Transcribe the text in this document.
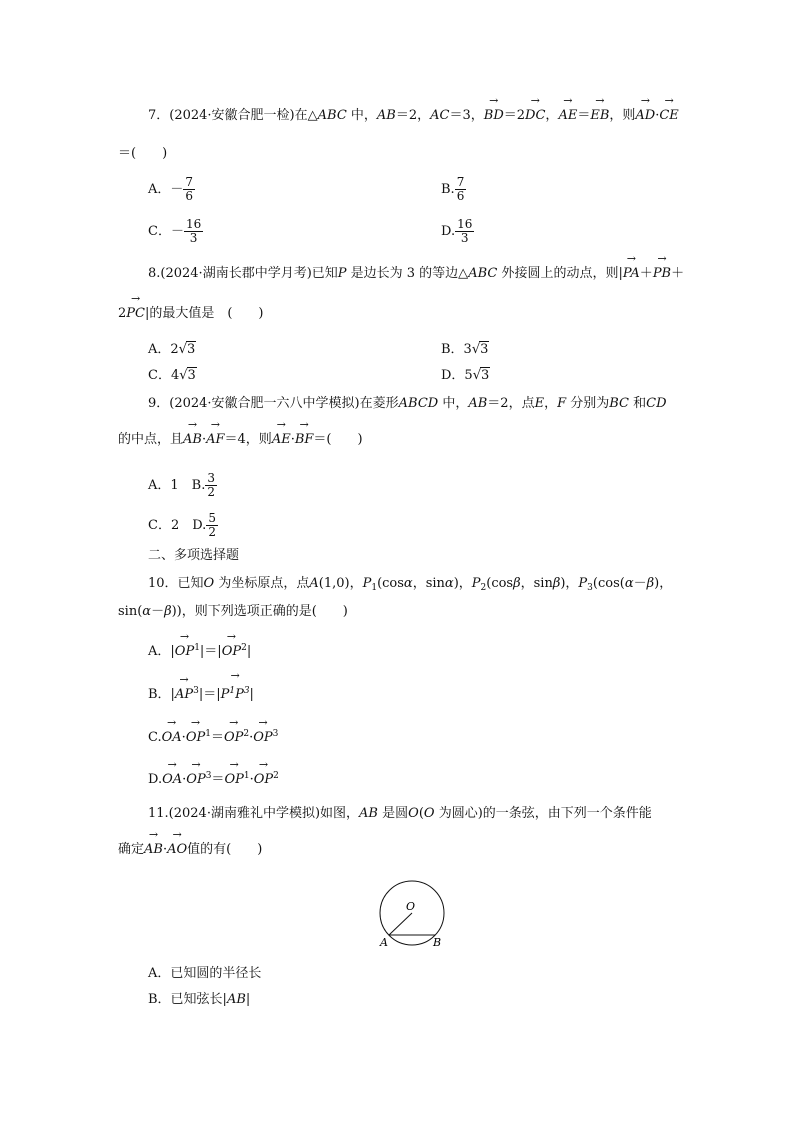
7．(2024·安徽合肥一检)在△ABC 中，AB＝2，AC＝3，→ BD＝2→ DC，→ AE＝→ EB，则→ AD·→ CE
＝(　　)
A．－ $\frac{7}{6}$	B. $\frac{7}{6}$
C．－ $\frac{16}{3}$	D. $\frac{16}{3}$
8.(2024·湖南长郡中学月考)已知P 是边长为 3 的等边△ABC 外接圆上的动点，则|→ PA＋→ PB＋
2→ PC|的最大值是　(　　)
A．2√3	B．3√3
C．4√3	D．5√3
9．(2024·安徽合肥一六八中学模拟)在菱形ABCD 中，AB＝2，点E，F 分别为BC 和CD
的中点，且→ AB·→ AF＝4，则→ AE·→ BF＝(　　)
A．1　B. $\frac{3}{2}$
C．2　D. $\frac{5}{2}$
二、多项选择题
10．已知O 为坐标原点，点A(1,0)，$P_1(\cos\alpha$，sinα)，$P_2(\cos\beta$，sinβ)，$P_3(\cos(\alpha-\beta)$，
sin(α－β))，则下列选项正确的是(　　)
A．|→ $OP^1|=|\to OP^2|$
B．|→ $AP^3|=|\to P^1P^3|$
$C.\to OA\cdot\to OP^1=\to OP^2\cdot\to OP^3$
$D.\to OA\cdot\to OP^3=\to OP^1\cdot\to OP^2$
11.(2024·湖南雅礼中学模拟)如图，AB 是圆O(O 为圆心)的一条弦，由下列一个条件能
确定→ AB·→ AO值的有(　　)
O
A	B
A．已知圆的半径长
B．已知弦长|AB|
